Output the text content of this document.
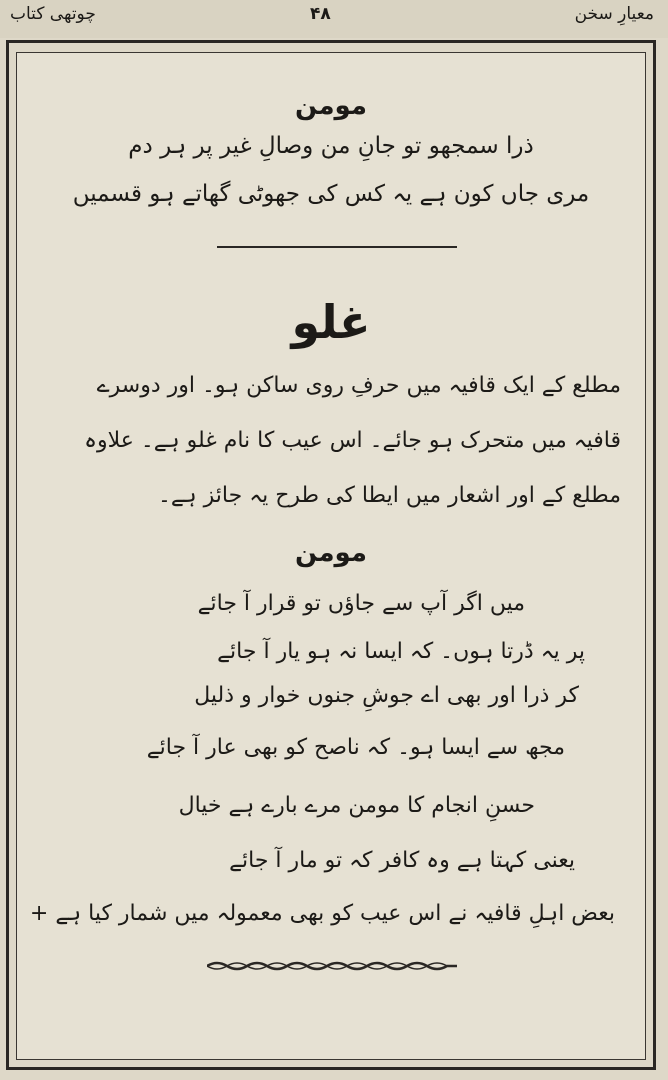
معیارِ سخن
۴۸
چوتھی کتاب
مومن
ذرا سمجھو تو جانِ من وصالِ غیر پر ہر دم
مری جاں کون ہے یہ کس کی جھوٹی گھاتے ہو قسمیں
غلو
مطلع کے ایک قافیہ میں حرفِ روی ساکن ہو۔ اور دوسرے
قافیہ میں متحرک ہو جائے۔ اس عیب کا نام غلو ہے۔ علاوہ
مطلع کے اور اشعار میں ایطا کی طرح یہ جائز ہے۔
مومن
میں اگر آپ سے جاؤں تو قرار آ جائے
پر یہ ڈرتا ہوں۔ کہ ایسا نہ ہو یار آ جائے
کر ذرا اور بھی اے جوشِ جنوں خوار و ذلیل
مجھ سے ایسا ہو۔ کہ ناصح کو بھی عار آ جائے
حسنِ انجام کا مومن مرے بارے ہے خیال
یعنی کہتا ہے وہ کافر کہ تو مار آ جائے
بعض اہلِ قافیہ نے اس عیب کو بھی معمولہ میں شمار کیا ہے +
